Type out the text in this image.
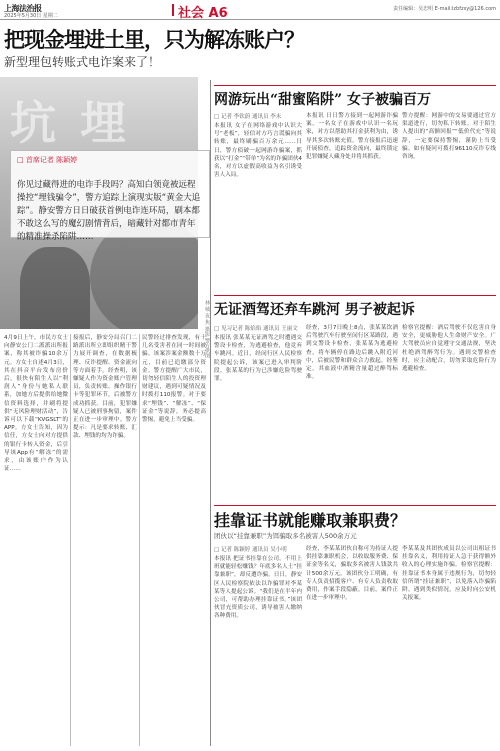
上海法治报
2025年5月30日 星期二	社会 A6	责任编辑：吴忠明 E-mail:lzbfzsy@126.com
把现金埋进土里，只为解冻账户？
新型理包转账式电诈案来了！
坑 埋
□ 首席记者 陈颖婷
你见过藏得进的电诈手段吗？高知白领竟被远程操控“埋钱骗令”，警方追踪上演现实版“黄金大追踪”。静安警方日日破获首例电诈连环局，刷本都不敢这么写的魔幻剧情背后，暗藏针对都市青年的精准操杀陷阱……
林 城 夜 焦 摄影 警方供图
4月9日上午，市民方女士向静安公门二派派出所报案，称其被诈骗10余万元。方女士自述4月3日，其在抖音平台发布房价后，很快有陌生人以“利润人”身份与她私人联系，加她方后提供给她微信资料选择，并刷将提供“无风险理财活动”，告诉可以下载“KVGSLT”的APP。方女士告知，因为信任，方女士向对方提供的银行卡转入资金，后引导该App有“解冻”的需求，由该账户作为认证……
接报后，静安分局召门二路派出所立即组织精干警力展开调查，在数据梳理、反诈提醒、资金流向等方面着手。经查明，该嫌疑人作为资金账户管理员，负责转账、操作银行卡等犯罪环节，后被警方成功抓获。目前，犯罪嫌疑人已被刑事拘留，案件正在进一步审理中。警方提示：凡是要求转账、汇款、埋钱的均为诈骗。
民警经过排查发现，有十几名受害者在同一时间被骗。该案涉案金额数十万元，目前已追缴部分资金。警方提醒广大市民，切勿轻信陌生人的投资理财建议，遇到可疑情况及时拨打110报警。对于要求“埋钱”、“解冻”、“保证金”等说辞，务必提高警惕，避免上当受骗。
网游玩出“甜蜜陷阱” 女子被骗百万
□ 记者 李钦蔚 通讯员 李未
本报讯 女子在网络游戏中认识大号“老板”，轻信对方巧言谎骗向其转账，最终刷骗百万余元……日日，警方侦破一起网游诈骗案，抓获以“打金”“带单”为名的诈骗团伙4名，对方以虚假高收益为名引诱受害人入局。
本报讯 日日警方接到一起网游诈骗案，一名女子在游戏中认识一名玩家，对方以帮助其打金获利为由，诱导其多次转账充值。警方接报后迅速开展侦查，追踪资金流向，最终锁定犯罪嫌疑人藏身处并将其抓获。
警方提醒：网游中的交易要通过官方渠道进行，切勿私下转账。对于陌生人提出的“高额回报”“低价代充”等说辞，一定要保持警惕，谨防上当受骗。如有疑问可拨打96110反诈专线咨询。
无证酒驾还弃车跳河 男子被起诉
□ 见习记者 陈焰焰 通讯员 王丽文
本报讯 张某某无证酒驾之时遭遇交警设卡检查，为逃避检查，他竟弃车跳河。近日，经闵行区人民检察院提起公诉，该案已进入审判阶段。张某某的行为已涉嫌危险驾驶罪。
经查，3月7日晚上8点，张某某饮酒后驾驶汽车行驶至闵行区某路段，遇到交警设卡检查，张某某为逃避检查，将车辆停在路边后跳入附近河中，后被民警和群众合力救起。经鉴定，其血液中酒精含量超过醉驾标准。
检察官提醒：酒后驾驶不仅危害自身安全，更威胁他人生命财产安全。广大驾驶员应自觉遵守交通法规，坚决杜绝酒驾醉驾行为。遇到交警检查时，应主动配合，切勿采取危险行为逃避检查。
挂靠证书就能赚取兼职费？
团伙以“挂靠兼职”为饵骗取多名被害人500余万元
□ 记者 陈颖婷 通讯员 吴小明
本报讯 把证书挂靠在公司，不用上班就能轻松赚钱？年底多名人士“挂靠兼职”，却反遭诈骗。日日，静安区人民检察院依法以诈骗罪对李某某等人提起公诉。“我们是在半年内公司，可帮助办理挂靠证书。”该团伙冒充资质公司，诱导被害人缴纳各种费用。
经查，李某某团伙自称可为持证人提供挂靠兼职机会，以收取服务费、保证金等名义，骗取多名被害人钱款共计500余万元。该团伙分工明确，有专人负责招揽客户、有专人负责收取费用，作案手段隐蔽。目前，案件正在进一步审理中。
李某某及其团伙成员以公司出租证书挂靠名义，利用持证人急于获得额外收入的心理实施诈骗。检察官提醒：挂靠证书本身属于违规行为，切勿轻信所谓“挂证兼职”，以免落入诈骗陷阱。遇到类似情况，应及时向公安机关报案。
